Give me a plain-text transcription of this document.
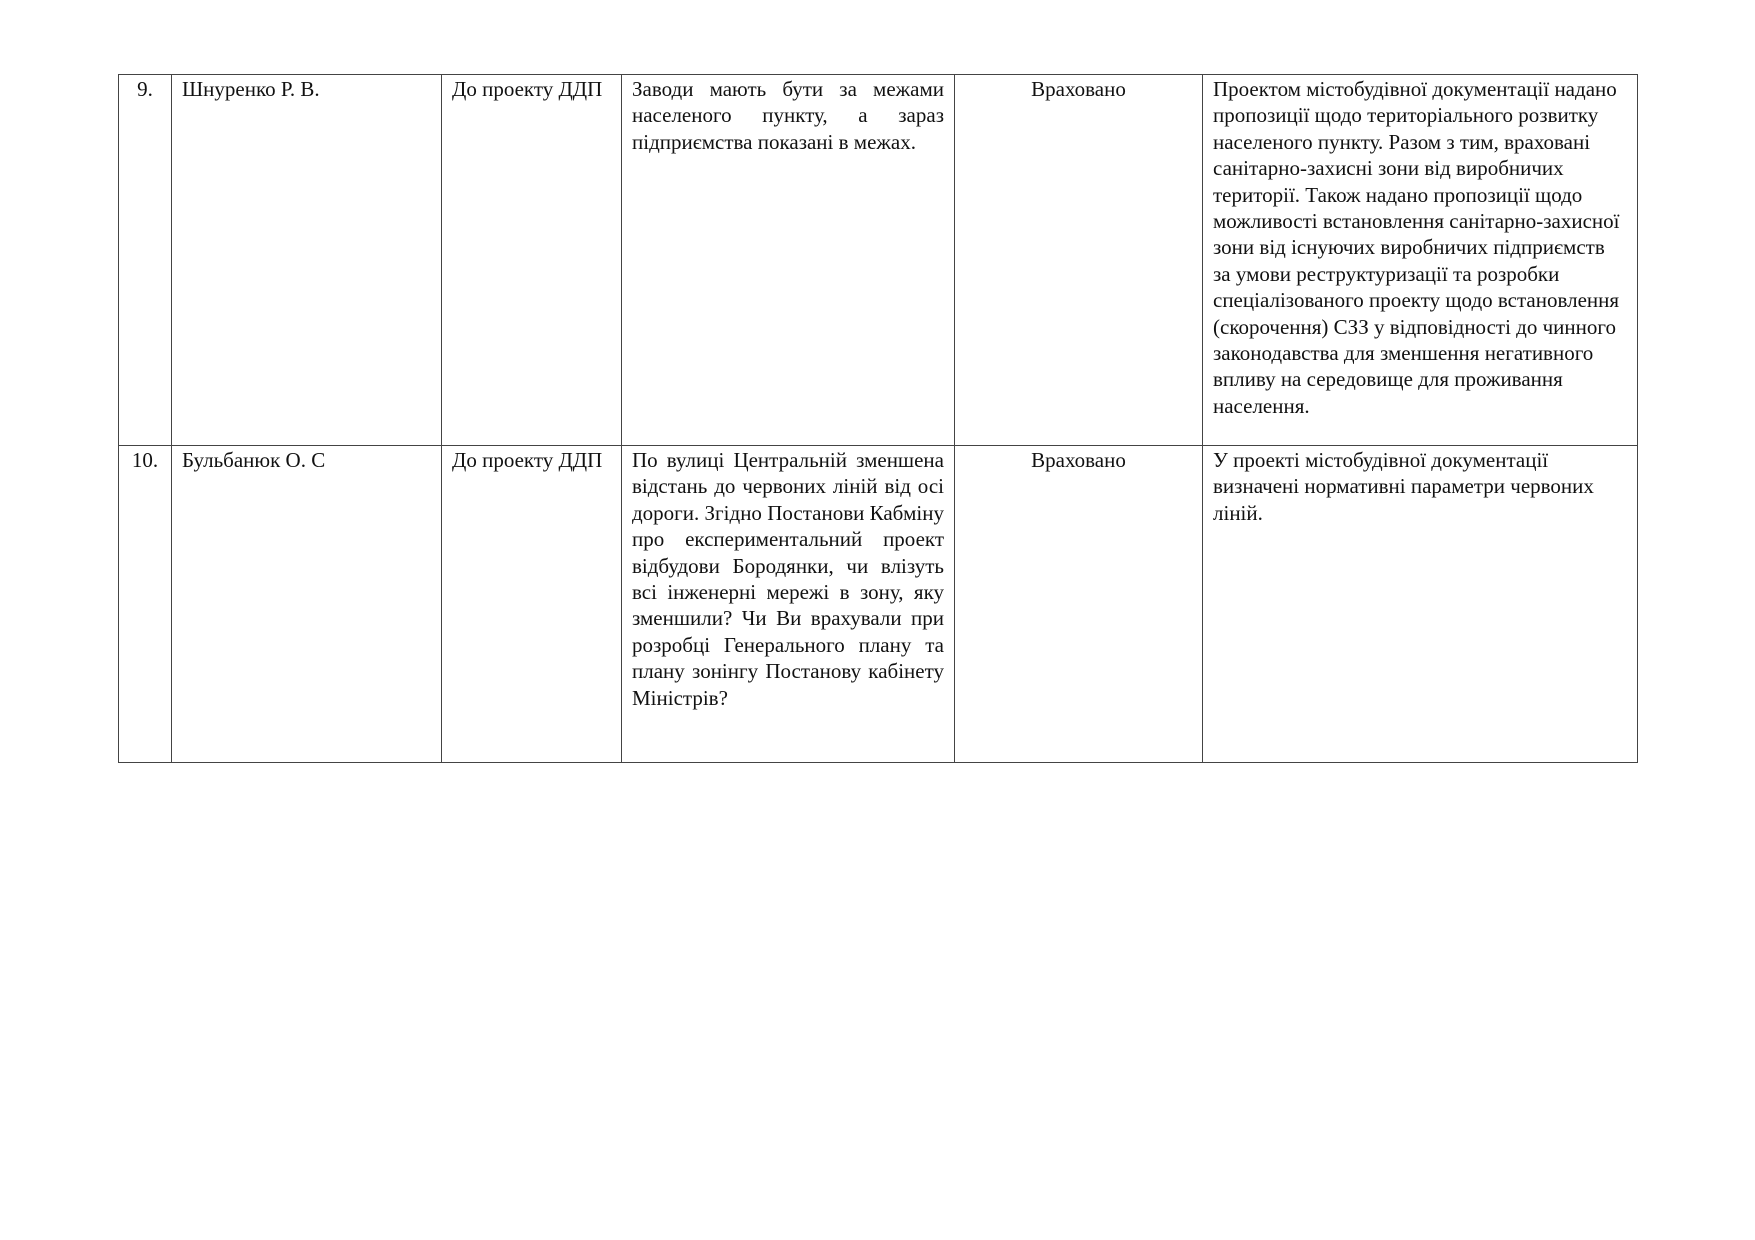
9.	Шнуренко Р. В.	До проекту ДДП	Заводи мають бути за межами населеного пункту, а зараз підприємства показані в межах.	Враховано	Проектом містобудівної документації надано пропозиції щодо територіального розвитку населеного пункту. Разом з тим, враховані санітарно-захисні зони від виробничих території. Також надано пропозиції щодо можливості встановлення санітарно-захисної зони від існуючих виробничих підприємств за умови реструктуризації та розробки спеціалізованого проекту щодо встановлення (скорочення) СЗЗ у відповідності до чинного законодавства для зменшення негативного впливу на середовище для проживання населення.
10.	Бульбанюк О. С	До проекту ДДП	По вулиці Центральній зменшена відстань до червоних ліній від осі дороги. Згідно Постанови Кабміну про експериментальний проект відбудови Бородянки, чи влізуть всі інженерні мережі в зону, яку зменшили? Чи Ви врахували при розробці Генерального плану та плану зонінгу Постанову кабінету Міністрів?	Враховано	У проекті містобудівної документації визначені нормативні параметри червоних ліній.
